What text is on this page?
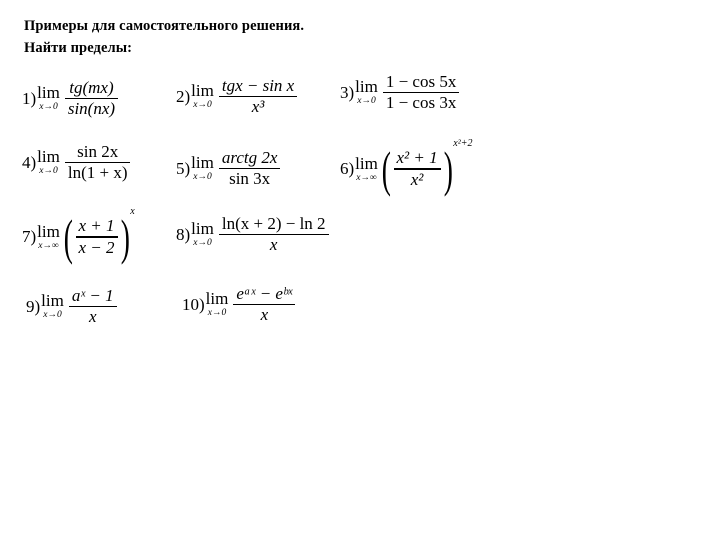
Примеры для самостоятельного решения.
Найти пределы:
1) lim
$x\to 0 \frac{tg(mx)}{\sin(nx)}$	2) lim
$x\to 0 \frac{\text{tgx − sin x}}{\text{x³}}$	3) lim
$x\to 0 \frac{1 - \cos 5x}{1 - \cos 3x}$
4) lim
$x\to 0 \frac{\sin 2x}{\ln(1 + x)}$	5) lim
$x\to 0 \frac{\text{arctg 2x}}{\sin 3x}$	6) lim
x→∞ ( $\frac{\text{x² + 1}}{\text{x²}}$ ) x²+2
7) lim
x→∞ ( $\frac{x + 1}{x - 2}$ ) x
8) lim
$x\to 0 \frac{\ln(x + 2) - \ln 2}{x}$
9) lim
$x\to 0 \frac{\text{aˣ − 1}}{x}$	10) lim
$x\to 0 \frac{\text{eᵃˣ − eᵇˣ}}{x}$
